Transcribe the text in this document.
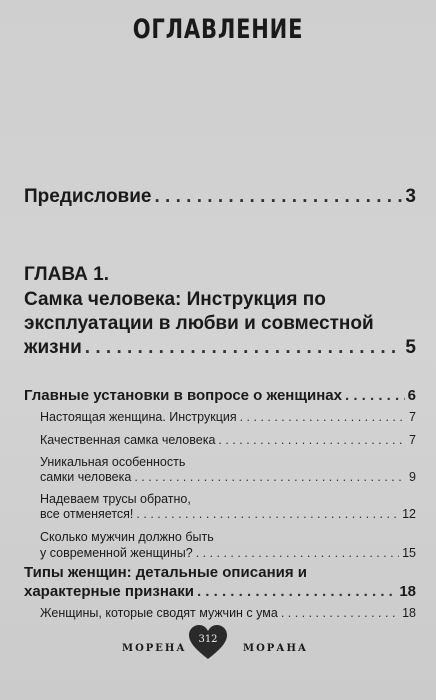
ОГЛАВЛЕНИЕ
Предисловие . . .	3
ГЛАВА 1.
Самка человека: Инструкция по
эксплуатации в любви и совместной
жизни . . .	5
Главные установки в вопросе о женщинах . . .	6
Настоящая женщина. Инструкция . . .	7
Качественная самка человека . . .	7
Уникальная особенность
самки человека . . .	9
Надеваем трусы обратно,
все отменяется! . . .	12
Сколько мужчин должно быть
у современной женщины? . . .	15
Типы женщин: детальные описания и
характерные признаки . . .	18
Женщины, которые сводят мужчин с ума . . .	18
МОРЕНА
312
МОРАНА
